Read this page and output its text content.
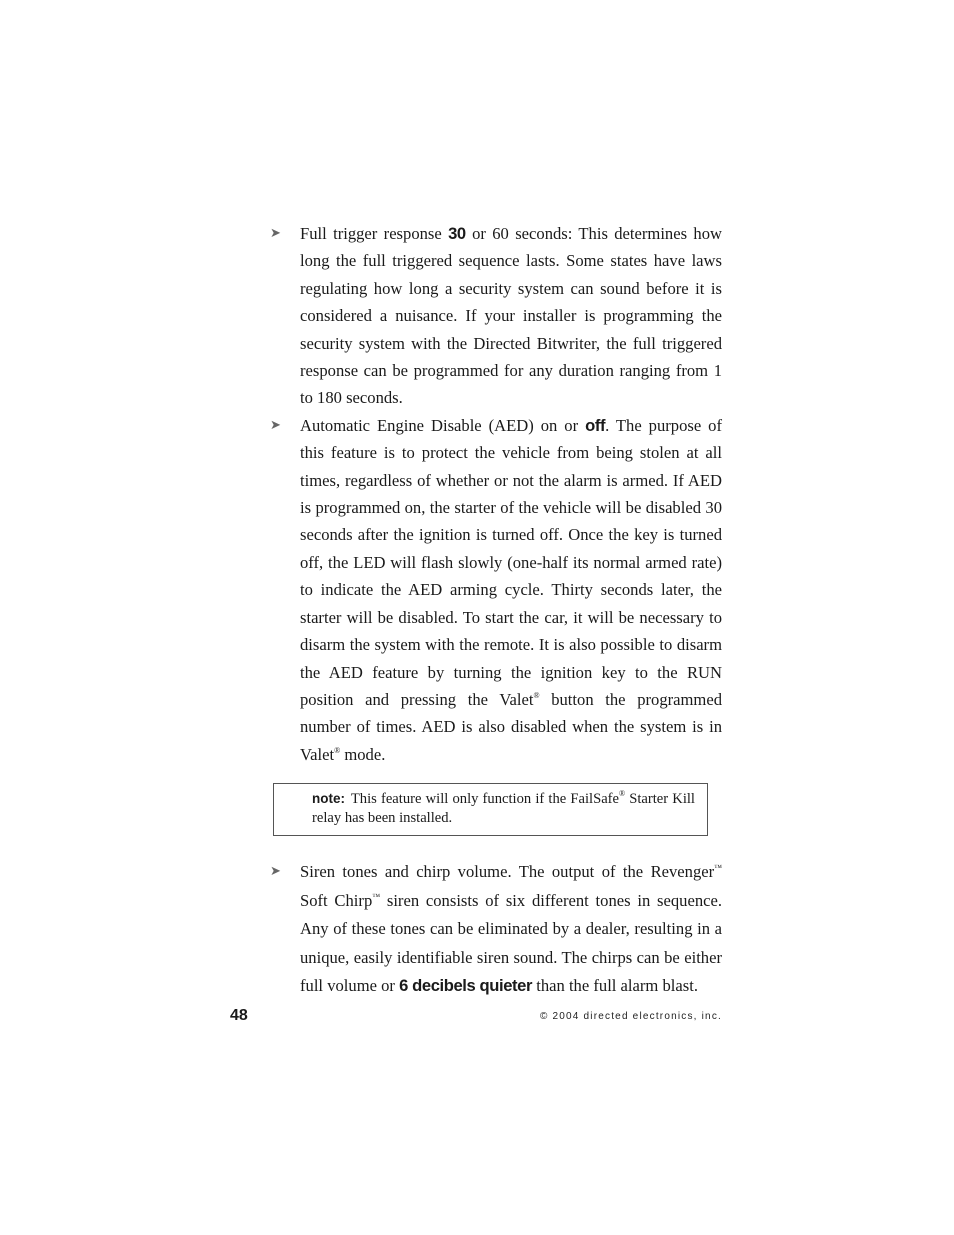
➤ Full trigger response 30 or 60 seconds: This determines how long the full triggered sequence lasts. Some states have laws regulating how long a security system can sound before it is considered a nuisance. If your installer is programming the security system with the Directed Bitwriter, the full triggered response can be programmed for any duration ranging from 1 to 180 seconds.
➤ Automatic Engine Disable (AED) on or off. The purpose of this feature is to protect the vehicle from being stolen at all times, regardless of whether or not the alarm is armed. If AED is programmed on, the starter of the vehicle will be disabled 30 seconds after the ignition is turned off. Once the key is turned off, the LED will flash slowly (one-half its normal armed rate) to indicate the AED arming cycle. Thirty seconds later, the starter will be disabled. To start the car, it will be necessary to disarm the system with the remote. It is also possible to disarm the AED feature by turning the ignition key to the RUN position and pressing the Valet® button the programmed number of times. AED is also disabled when the system is in Valet® mode.
note: This feature will only function if the FailSafe® Starter Kill relay has been installed.
➤ Siren tones and chirp volume. The output of the Revenger™ Soft Chirp™ siren consists of six different tones in sequence. Any of these tones can be eliminated by a dealer, resulting in a unique, easily identifiable siren sound. The chirps can be either full volume or 6 decibels quieter than the full alarm blast.
48	© 2004 directed electronics, inc.
